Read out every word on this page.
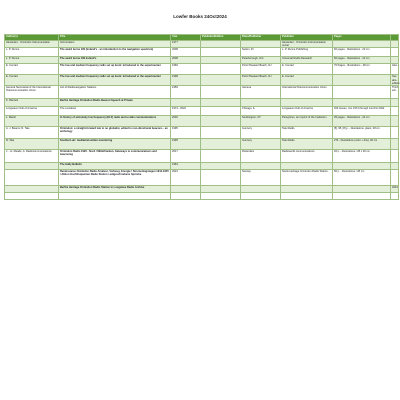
Lowfer Books 24Oct2024
Author(s)	Title	Year	Publisher/Edition	Place/Publisher	Publisher	Pages	
Alexander - Ormindon Instrumentation	Instrumation	1977			Alexander - Ormindon instrumentation center		
L. P. Dunne	The weird borne 160 (Ireland's - an introduction to the navigation spectrum)	2008		Sutton, IN	L. P. Dunne Publishing	60 pages - Illustrations - 22 cm	
L. P. Dunne	The weird borne 160 Ireland's	2008		Peterborough, Ont.	Universal Radio Research	60 pages - Illustrations - 22 cm	
E. Conrad	The low and medium frequency radio set up book: introduced to the experimenter	1969		Point Pleasant Beach, NJ	E. Conrad	76 Pages - Illustrations - 28 cm	Also...
E. Conrad	The low and medium frequency radio set up book: introduced to the experimenter	1998		Point Pleasant Beach, NJ	E. Conrad		See abo... edition
General Secretariat of the International Telecommunication Union	List of Radionavigation Stations	1959		Geneva	International Telecommunication Union		Third edi...
K. Warnell	Berthe Heritage Ormindon Radio Beacon Speech at Private						
Longwave Club of America	The Lowdown	1974 - 2022		Chicago, IL	Longwave Club of America	322 Issues, Jun 1974 through Jun/Oct 2022	
L. Marsh	In history of extremely low frequency (ELF) radio and a radio communications	2002		Southington, CT.	Peregrinus, an imprint of the Institution	45 pages - Illustrations - 24 cm	
A. J. Beams; R. Tate	Ormindon: a straight-forward low to no globalist, edited to non-directional beacons - an anthology	1995		Gunnery	Tate Radio	[5], 95, [8] p. - illustrations, plans; 28 cm	
R. Tate	Southern air: mediatransmitter monitoring	1995		Gunnery	Tate Radio	274 - illustrations (color + b/w); 26 cm	
J. - H. Meade, A. Radiocommunications	Ormindon Radio 1920 - Nord / Mittelfranken, Gateways to communications and beaconing	2017		Rotterdam	Radioworld communications	32 p. - illustrations / 28 x 30 cm	
	The Hally Bulletin	1963					
	Renaissance Ormindon Radio Amateur, Vorbeug, Energie / Strumentagstagen 1944-1945 / Aktion Hochfrequenten Radio Station / aufgeschriebene Sprüche	2024		Norway	Norsk Heritage Ormindon Radio Station	60 p. - illustrations / 28 cm	
	Berthe Heritage Ormindon Radio Station in Longwave Radio Archive						2024
